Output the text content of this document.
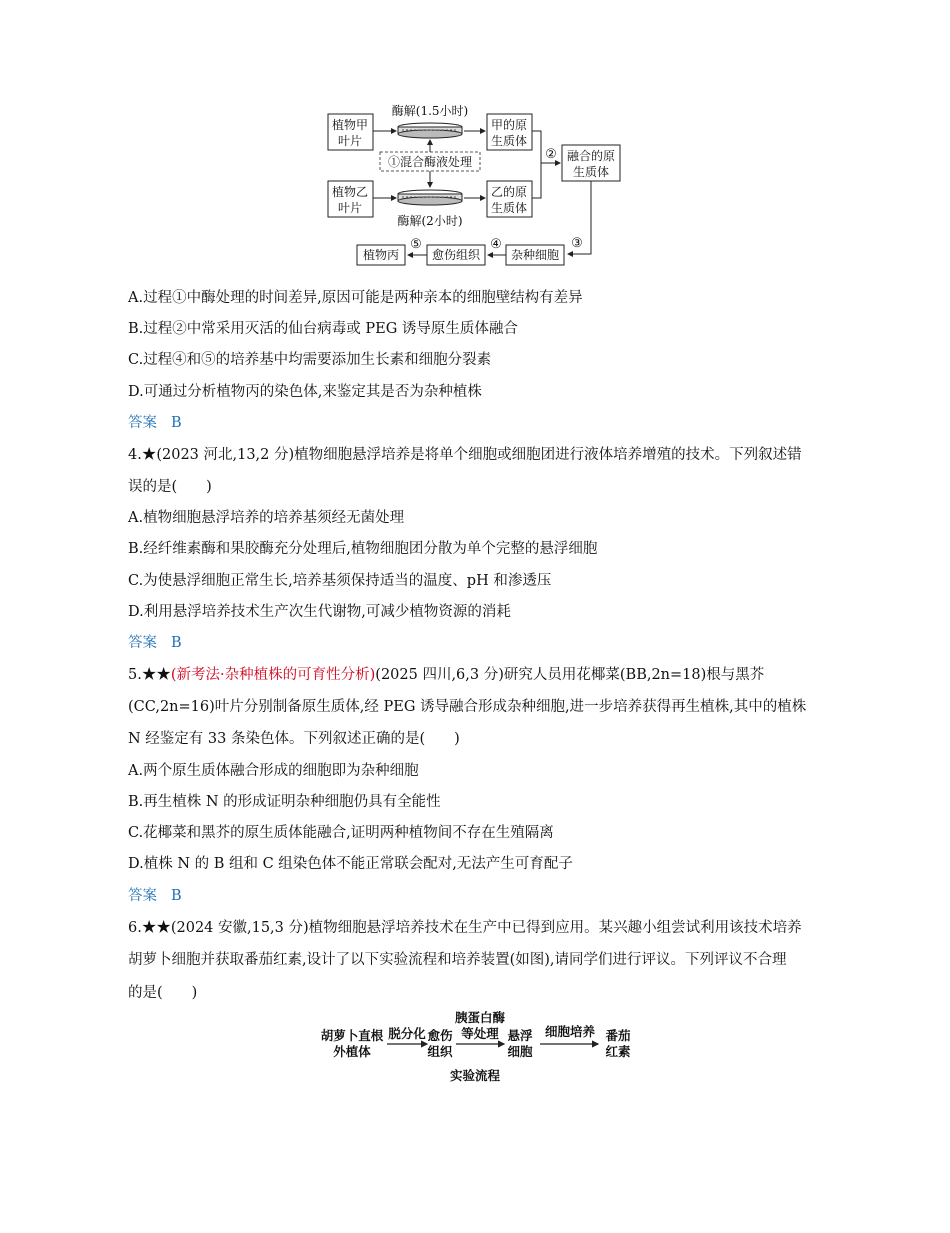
植物甲
叶片
植物乙
叶片
酶解(1.5小时)
酶解(2小时)
①混合酶液处理
甲的原
生质体
乙的原
生质体
② 融合的原
生质体
③
杂种细胞
④
愈伤组织
⑤
植物丙
A.过程①中酶处理的时间差异,原因可能是两种亲本的细胞壁结构有差异
B.过程②中常采用灭活的仙台病毒或 PEG 诱导原生质体融合
C.过程④和⑤的培养基中均需要添加生长素和细胞分裂素
D.可通过分析植物丙的染色体,来鉴定其是否为杂种植株
答案 B
4.★(2023 河北,13,2 分)植物细胞悬浮培养是将单个细胞或细胞团进行液体培养增殖的技术。下列叙述错
误的是(　　)
A.植物细胞悬浮培养的培养基须经无菌处理
B.经纤维素酶和果胶酶充分处理后,植物细胞团分散为单个完整的悬浮细胞
C.为使悬浮细胞正常生长,培养基须保持适当的温度、pH 和渗透压
D.利用悬浮培养技术生产次生代谢物,可减少植物资源的消耗
答案 B
5.★★(新考法·杂种植株的可育性分析)(2025 四川,6,3 分)研究人员用花椰菜(BB,2n=18)根与黑芥
(CC,2n=16)叶片分别制备原生质体,经 PEG 诱导融合形成杂种细胞,进一步培养获得再生植株,其中的植株
N 经鉴定有 33 条染色体。下列叙述正确的是(　　)
A.两个原生质体融合形成的细胞即为杂种细胞
B.再生植株 N 的形成证明杂种细胞仍具有全能性
C.花椰菜和黑芥的原生质体能融合,证明两种植物间不存在生殖隔离
D.植株 N 的 B 组和 C 组染色体不能正常联会配对,无法产生可育配子
答案 B
6.★★(2024 安徽,15,3 分)植物细胞悬浮培养技术在生产中已得到应用。某兴趣小组尝试利用该技术培养
胡萝卜细胞并获取番茄红素,设计了以下实验流程和培养装置(如图),请同学们进行评议。下列评议不合理
的是(　　)
胡萝卜直根
外植体
脱分化 愈伤
组织
胰蛋白酶
等处理 悬浮
细胞
细胞培养 番茄
红素
实验流程
